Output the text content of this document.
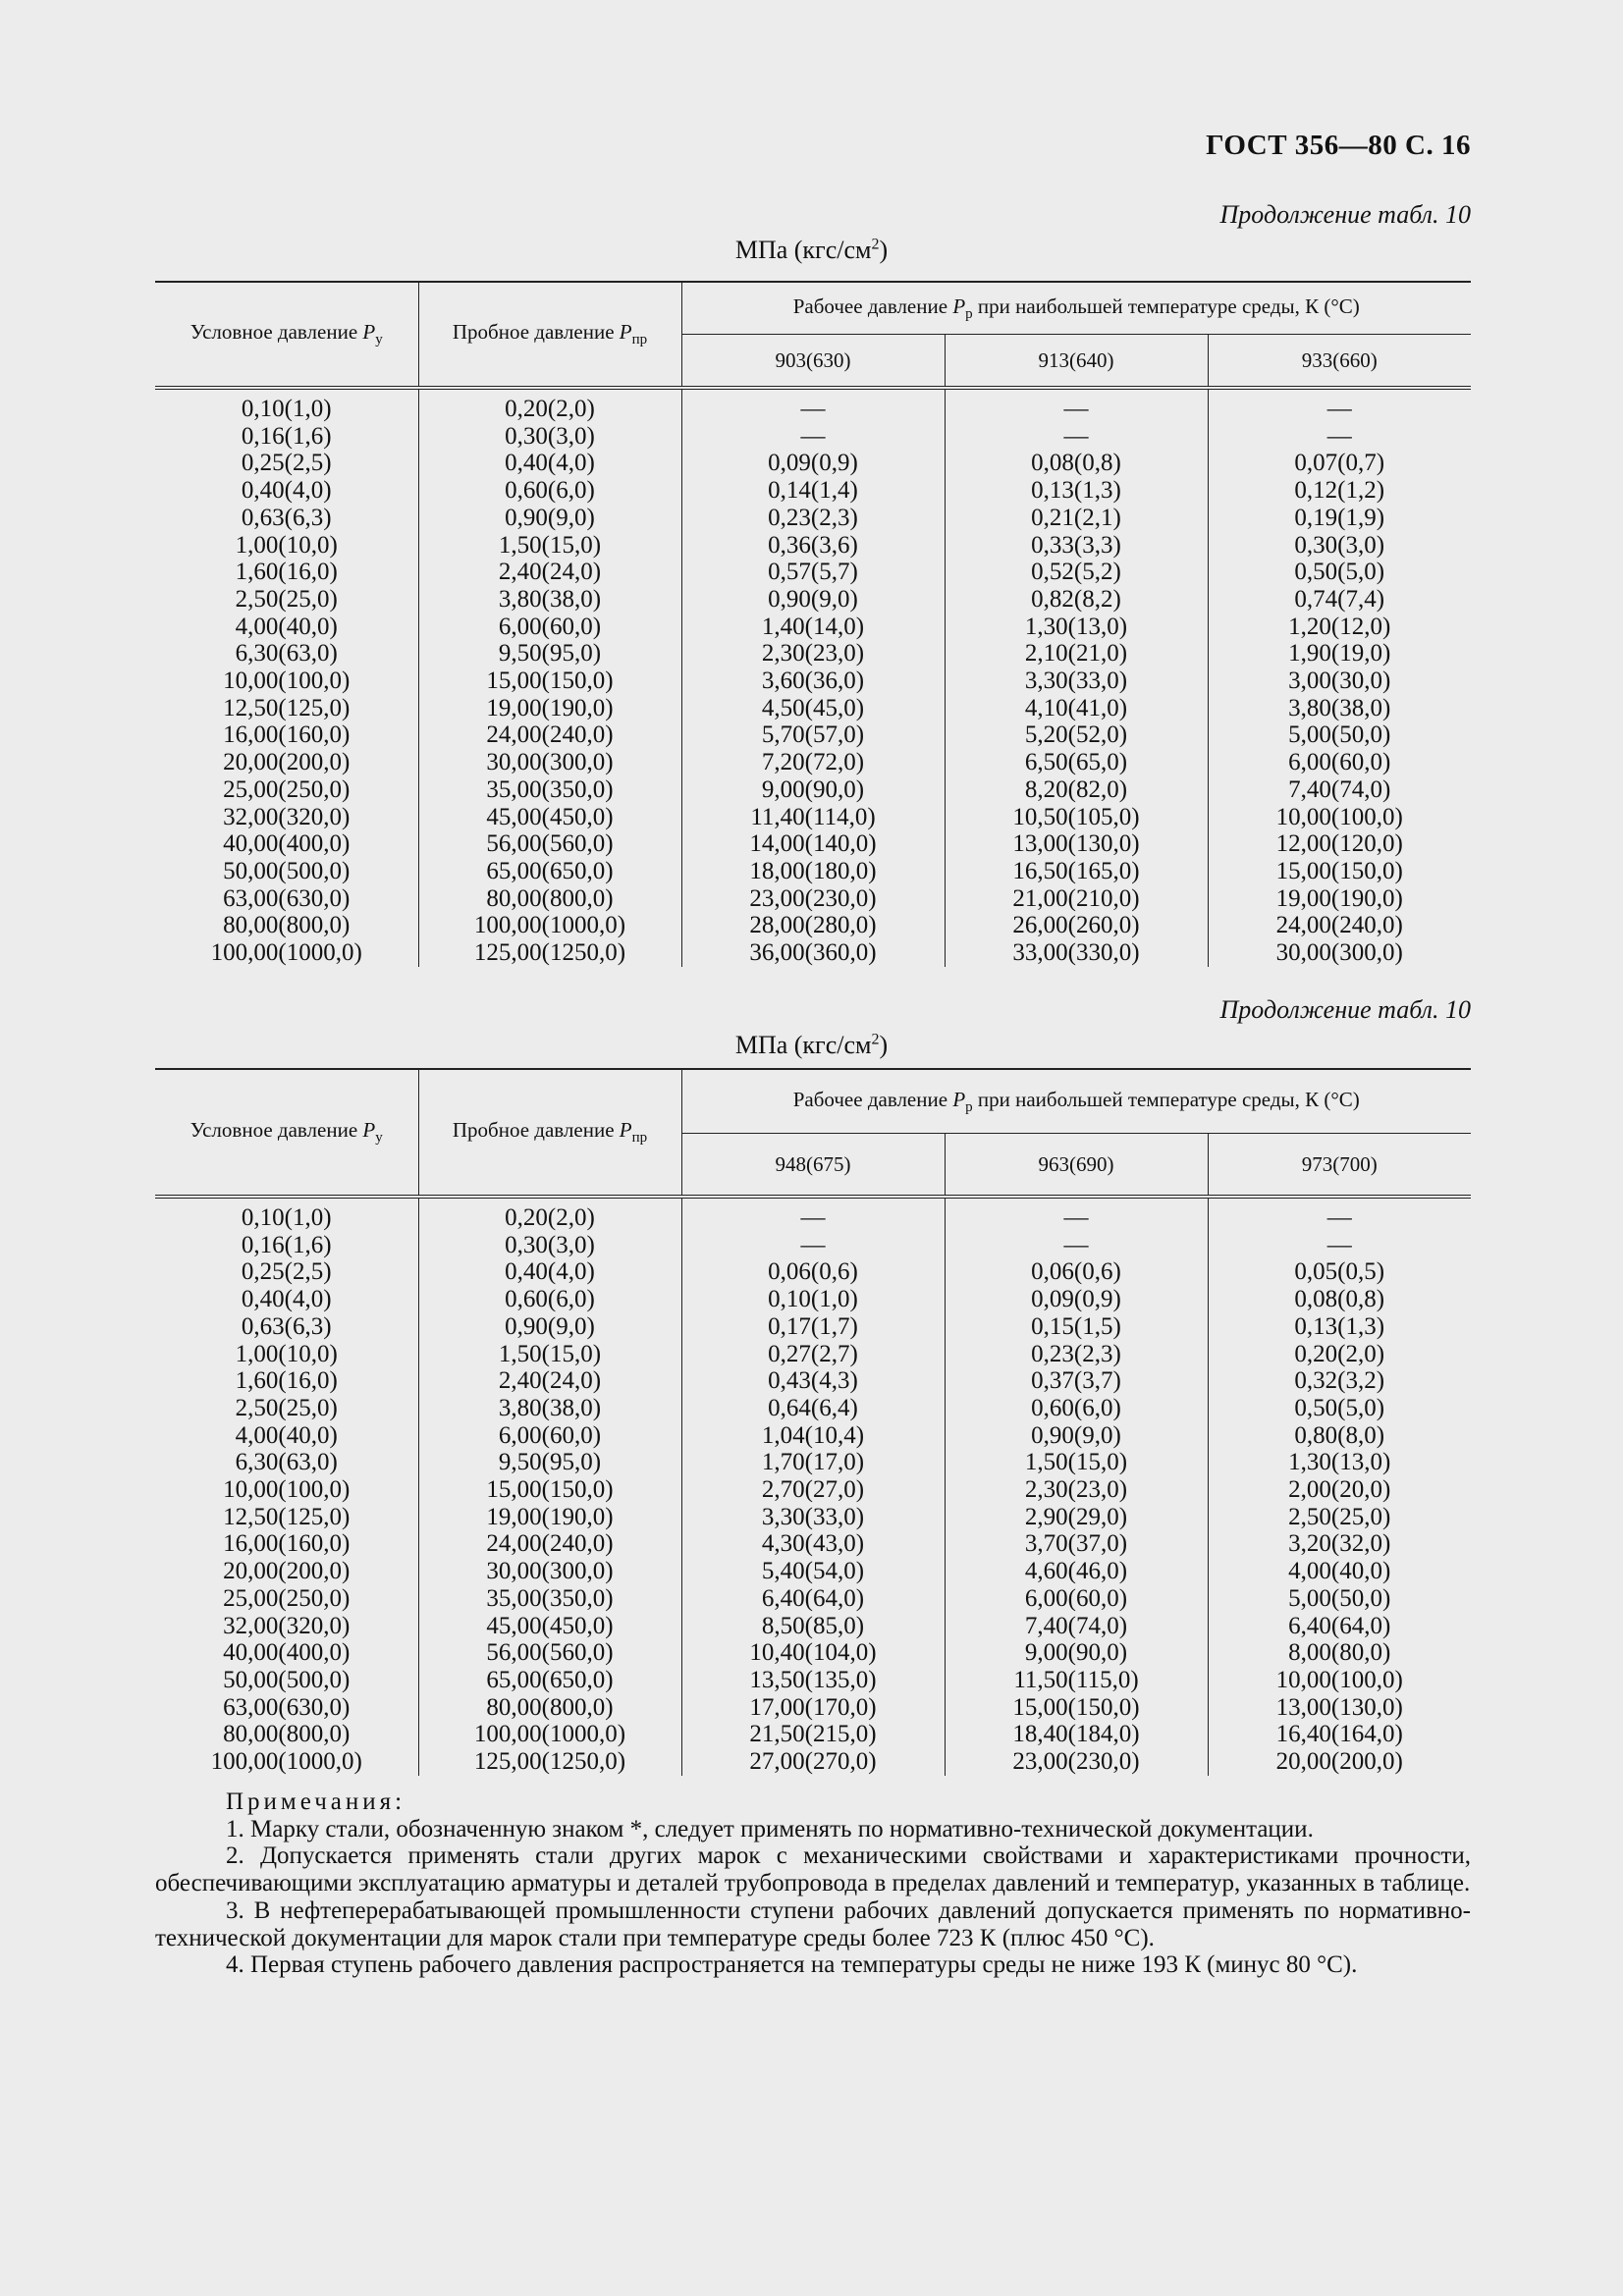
ГОСТ 356—80 С. 16
Продолжение табл. 10
МПа $(кгс/см^2)$
Условное давление $P_у$	Пробное давление $P_{пр}$	Рабочее давление $P_р$ при наибольшей температуре среды, К (°С)		
		903(630)	913(640)	933(660)
0,10(1,0)	0,20(2,0)	—	—	—
0,16(1,6)	0,30(3,0)	—	—	—
0,25(2,5)	0,40(4,0)	0,09(0,9)	0,08(0,8)	0,07(0,7)
0,40(4,0)	0,60(6,0)	0,14(1,4)	0,13(1,3)	0,12(1,2)
0,63(6,3)	0,90(9,0)	0,23(2,3)	0,21(2,1)	0,19(1,9)
1,00(10,0)	1,50(15,0)	0,36(3,6)	0,33(3,3)	0,30(3,0)
1,60(16,0)	2,40(24,0)	0,57(5,7)	0,52(5,2)	0,50(5,0)
2,50(25,0)	3,80(38,0)	0,90(9,0)	0,82(8,2)	0,74(7,4)
4,00(40,0)	6,00(60,0)	1,40(14,0)	1,30(13,0)	1,20(12,0)
6,30(63,0)	9,50(95,0)	2,30(23,0)	2,10(21,0)	1,90(19,0)
10,00(100,0)	15,00(150,0)	3,60(36,0)	3,30(33,0)	3,00(30,0)
12,50(125,0)	19,00(190,0)	4,50(45,0)	4,10(41,0)	3,80(38,0)
16,00(160,0)	24,00(240,0)	5,70(57,0)	5,20(52,0)	5,00(50,0)
20,00(200,0)	30,00(300,0)	7,20(72,0)	6,50(65,0)	6,00(60,0)
25,00(250,0)	35,00(350,0)	9,00(90,0)	8,20(82,0)	7,40(74,0)
32,00(320,0)	45,00(450,0)	11,40(114,0)	10,50(105,0)	10,00(100,0)
40,00(400,0)	56,00(560,0)	14,00(140,0)	13,00(130,0)	12,00(120,0)
50,00(500,0)	65,00(650,0)	18,00(180,0)	16,50(165,0)	15,00(150,0)
63,00(630,0)	80,00(800,0)	23,00(230,0)	21,00(210,0)	19,00(190,0)
80,00(800,0)	100,00(1000,0)	28,00(280,0)	26,00(260,0)	24,00(240,0)
100,00(1000,0)	125,00(1250,0)	36,00(360,0)	33,00(330,0)	30,00(300,0)
Продолжение табл. 10
МПа $(кгс/см^2)$
Условное давление $P_у$	Пробное давление $P_{пр}$	Рабочее давление $P_р$ при наибольшей температуре среды, К (°С)		
		948(675)	963(690)	973(700)
0,10(1,0)	0,20(2,0)	—	—	—
0,16(1,6)	0,30(3,0)	—	—	—
0,25(2,5)	0,40(4,0)	0,06(0,6)	0,06(0,6)	0,05(0,5)
0,40(4,0)	0,60(6,0)	0,10(1,0)	0,09(0,9)	0,08(0,8)
0,63(6,3)	0,90(9,0)	0,17(1,7)	0,15(1,5)	0,13(1,3)
1,00(10,0)	1,50(15,0)	0,27(2,7)	0,23(2,3)	0,20(2,0)
1,60(16,0)	2,40(24,0)	0,43(4,3)	0,37(3,7)	0,32(3,2)
2,50(25,0)	3,80(38,0)	0,64(6,4)	0,60(6,0)	0,50(5,0)
4,00(40,0)	6,00(60,0)	1,04(10,4)	0,90(9,0)	0,80(8,0)
6,30(63,0)	9,50(95,0)	1,70(17,0)	1,50(15,0)	1,30(13,0)
10,00(100,0)	15,00(150,0)	2,70(27,0)	2,30(23,0)	2,00(20,0)
12,50(125,0)	19,00(190,0)	3,30(33,0)	2,90(29,0)	2,50(25,0)
16,00(160,0)	24,00(240,0)	4,30(43,0)	3,70(37,0)	3,20(32,0)
20,00(200,0)	30,00(300,0)	5,40(54,0)	4,60(46,0)	4,00(40,0)
25,00(250,0)	35,00(350,0)	6,40(64,0)	6,00(60,0)	5,00(50,0)
32,00(320,0)	45,00(450,0)	8,50(85,0)	7,40(74,0)	6,40(64,0)
40,00(400,0)	56,00(560,0)	10,40(104,0)	9,00(90,0)	8,00(80,0)
50,00(500,0)	65,00(650,0)	13,50(135,0)	11,50(115,0)	10,00(100,0)
63,00(630,0)	80,00(800,0)	17,00(170,0)	15,00(150,0)	13,00(130,0)
80,00(800,0)	100,00(1000,0)	21,50(215,0)	18,40(184,0)	16,40(164,0)
100,00(1000,0)	125,00(1250,0)	27,00(270,0)	23,00(230,0)	20,00(200,0)
Примечания:

1. Марку стали, обозначенную знаком *, следует применять по нормативно-технической документации.

2. Допускается применять стали других марок с механическими свойствами и характеристиками прочности, обеспечивающими эксплуатацию арматуры и деталей трубопровода в пределах давлений и температур, указанных в таблице.

3. В нефтеперерабатывающей промышленности ступени рабочих давлений допускается применять по нормативно-технической документации для марок стали при температуре среды более 723 К (плюс 450 °С).

4. Первая ступень рабочего давления распространяется на температуры среды не ниже 193 К (минус 80 °С).
